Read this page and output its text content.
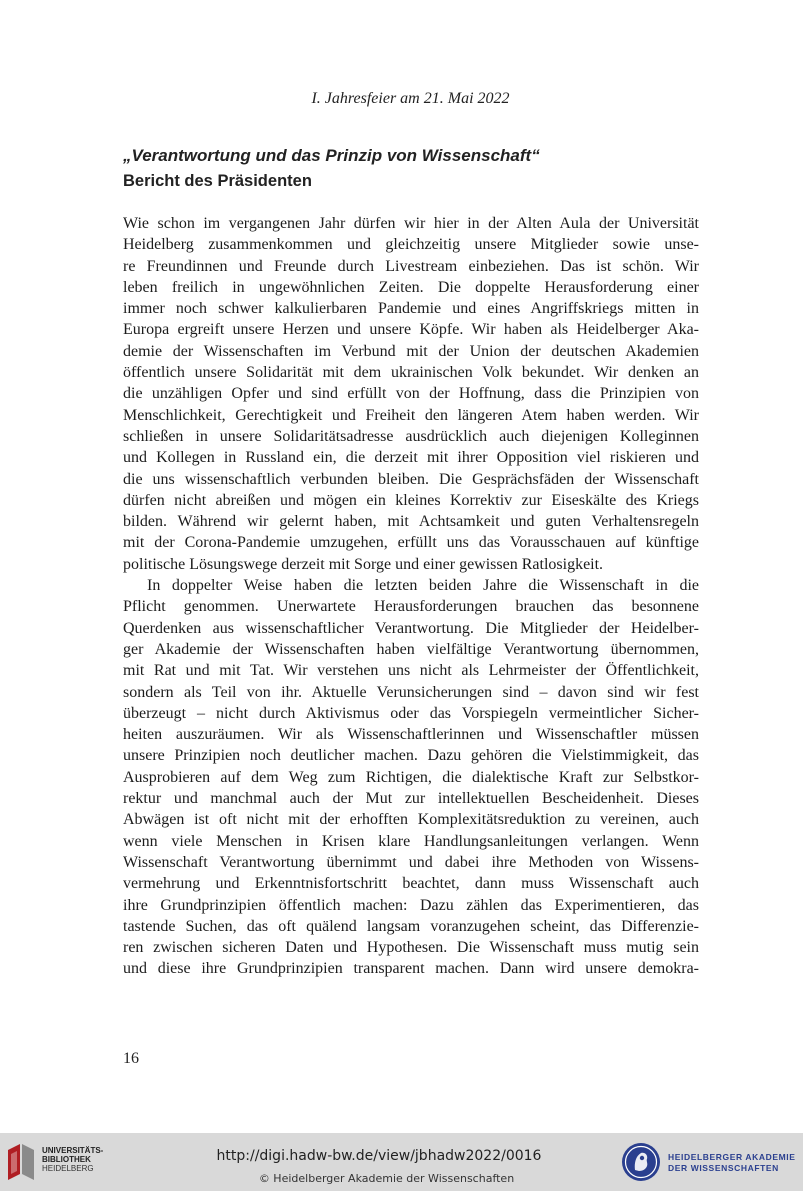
I. Jahresfeier am 21. Mai 2022
„Verantwortung und das Prinzip von Wissenschaft“
Bericht des Präsidenten
Wie schon im vergangenen Jahr dürfen wir hier in der Alten Aula der Universität
Heidelberg zusammenkommen und gleichzeitig unsere Mitglieder sowie unse-
re Freundinnen und Freunde durch Livestream einbeziehen. Das ist schön. Wir
leben freilich in ungewöhnlichen Zeiten. Die doppelte Herausforderung einer
immer noch schwer kalkulierbaren Pandemie und eines Angriffskriegs mitten in
Europa ergreift unsere Herzen und unsere Köpfe. Wir haben als Heidelberger Aka-
demie der Wissenschaften im Verbund mit der Union der deutschen Akademien
öffentlich unsere Solidarität mit dem ukrainischen Volk bekundet. Wir denken an
die unzähligen Opfer und sind erfüllt von der Hoffnung, dass die Prinzipien von
Menschlichkeit, Gerechtigkeit und Freiheit den längeren Atem haben werden. Wir
schließen in unsere Solidaritätsadresse ausdrücklich auch diejenigen Kolleginnen
und Kollegen in Russland ein, die derzeit mit ihrer Opposition viel riskieren und
die uns wissenschaftlich verbunden bleiben. Die Gesprächsfäden der Wissenschaft
dürfen nicht abreißen und mögen ein kleines Korrektiv zur Eiseskälte des Kriegs
bilden. Während wir gelernt haben, mit Achtsamkeit und guten Verhaltensregeln
mit der Corona-Pandemie umzugehen, erfüllt uns das Vorausschauen auf künftige
politische Lösungswege derzeit mit Sorge und einer gewissen Ratlosigkeit.
In doppelter Weise haben die letzten beiden Jahre die Wissenschaft in die
Pflicht genommen. Unerwartete Herausforderungen brauchen das besonnene
Querdenken aus wissenschaftlicher Verantwortung. Die Mitglieder der Heidelber-
ger Akademie der Wissenschaften haben vielfältige Verantwortung übernommen,
mit Rat und mit Tat. Wir verstehen uns nicht als Lehrmeister der Öffentlichkeit,
sondern als Teil von ihr. Aktuelle Verunsicherungen sind – davon sind wir fest
überzeugt – nicht durch Aktivismus oder das Vorspiegeln vermeintlicher Sicher-
heiten auszuräumen. Wir als Wissenschaftlerinnen und Wissenschaftler müssen
unsere Prinzipien noch deutlicher machen. Dazu gehören die Vielstimmigkeit, das
Ausprobieren auf dem Weg zum Richtigen, die dialektische Kraft zur Selbstkor-
rektur und manchmal auch der Mut zur intellektuellen Bescheidenheit. Dieses
Abwägen ist oft nicht mit der erhofften Komplexitätsreduktion zu vereinen, auch
wenn viele Menschen in Krisen klare Handlungsanleitungen verlangen. Wenn
Wissenschaft Verantwortung übernimmt und dabei ihre Methoden von Wissens-
vermehrung und Erkenntnisfortschritt beachtet, dann muss Wissenschaft auch
ihre Grundprinzipien öffentlich machen: Dazu zählen das Experimentieren, das
tastende Suchen, das oft quälend langsam voranzugehen scheint, das Differenzie-
ren zwischen sicheren Daten und Hypothesen. Die Wissenschaft muss mutig sein
und diese ihre Grundprinzipien transparent machen. Dann wird unsere demokra-
16
UNIVERSITÄTS-
BIBLIOTHEK
HEIDELBERG
http://digi.hadw-bw.de/view/jbhadw2022/0016
© Heidelberger Akademie der Wissenschaften
HEIDELBERGER AKADEMIE
DER WISSENSCHAFTEN
